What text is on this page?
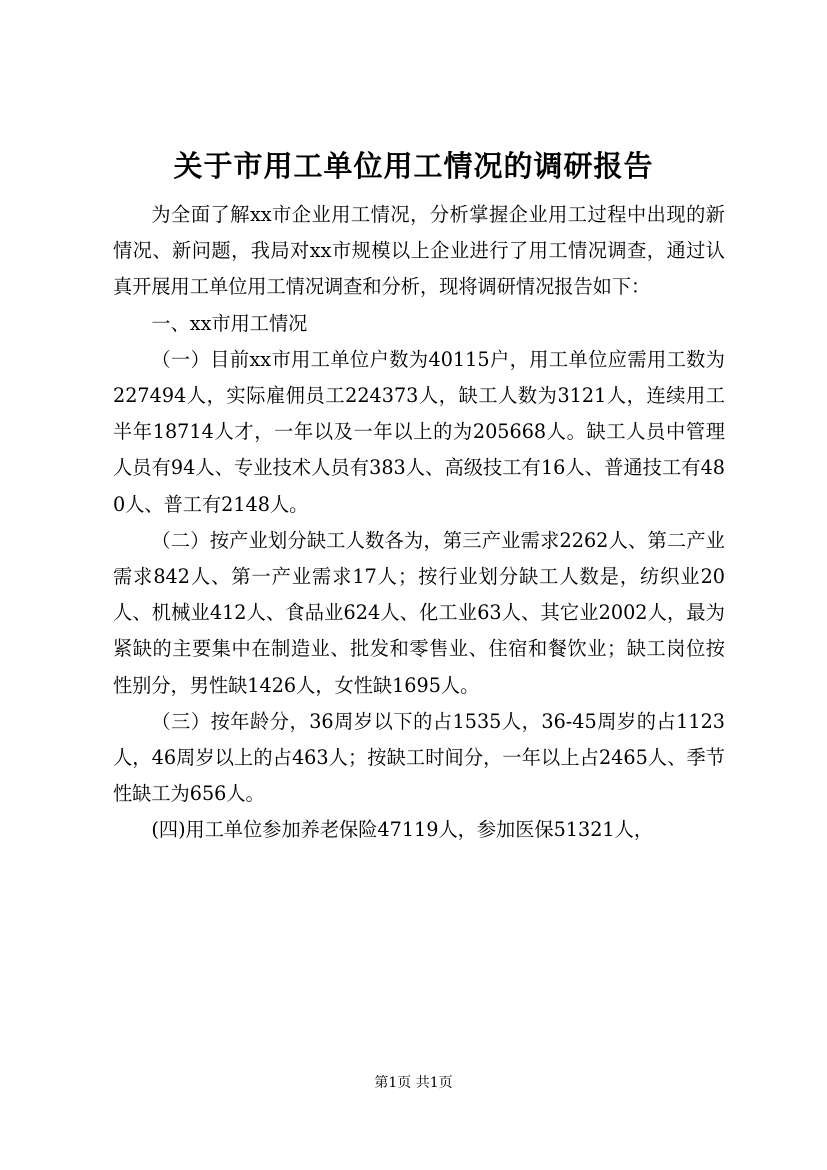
关于市用工单位用工情况的调研报告

为全面了解xx市企业用工情况，分析掌握企业用工过程中出现的新情况、新问题，我局对xx市规模以上企业进行了用工情况调查，通过认真开展用工单位用工情况调查和分析，现将调研情况报告如下：

一、xx市用工情况

（一）目前xx市用工单位户数为40115户，用工单位应需用工数为227494人，实际雇佣员工224373人，缺工人数为3121人，连续用工半年18714人才，一年以及一年以上的为205668人。缺工人员中管理人员有94人、专业技术人员有383人、高级技工有16人、普通技工有480人、普工有2148人。

（二）按产业划分缺工人数各为，第三产业需求2262人、第二产业需求842人、第一产业需求17人；按行业划分缺工人数是，纺织业20人、机械业412人、食品业624人、化工业63人、其它业2002人，最为紧缺的主要集中在制造业、批发和零售业、住宿和餐饮业；缺工岗位按性别分，男性缺1426人，女性缺1695人。

（三）按年龄分，36周岁以下的占1535人，36-45周岁的占1123人，46周岁以上的占463人；按缺工时间分，一年以上占2465人、季节性缺工为656人。

(四)用工单位参加养老保险47119人，参加医保51321人，

第1页 共1页
